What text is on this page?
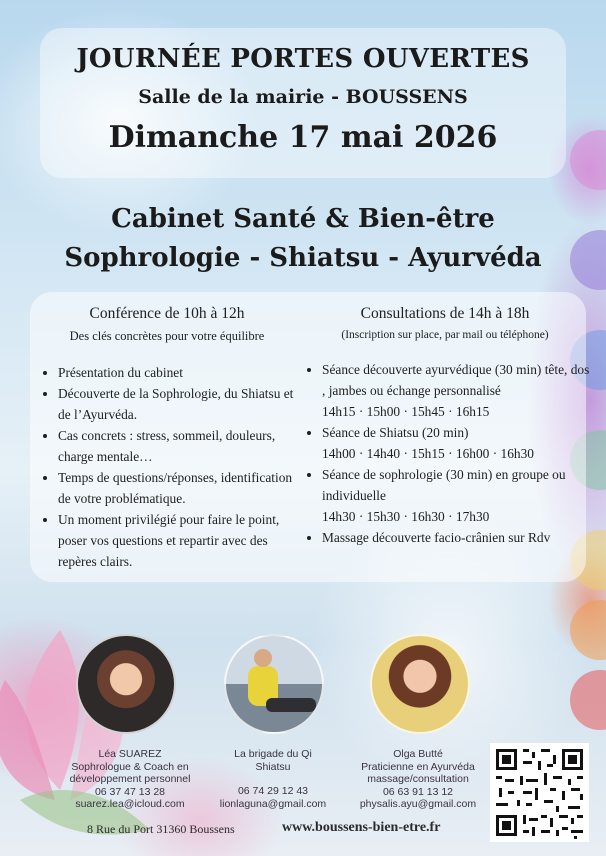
JOURNÉE PORTES OUVERTES

Salle de la mairie - BOUSSENS

Dimanche 17 mai 2026

Cabinet Santé & Bien-être

Sophrologie - Shiatsu - Ayurvéda

Conférence de 10h à 12h

Des clés concrètes pour votre équilibre

• Présentation du cabinet
• Découverte de la Sophrologie, du Shiatsu et de l’Ayurvéda.
• Cas concrets : stress, sommeil, douleurs, charge mentale…
• Temps de questions/réponses, identification de votre problématique.
• Un moment privilégié pour faire le point, poser vos questions et repartir avec des repères clairs.

Consultations de 14h à 18h

(Inscription sur place, par mail ou téléphone)

• Séance découverte ayurvédique (30 min) tête, dos , jambes ou échange personnalisé
14h15 · 15h00 · 15h45 · 16h15
• Séance de Shiatsu (20 min)
14h00 · 14h40 · 15h15 · 16h00 · 16h30
• Séance de sophrologie (30 min) en groupe ou individuelle
14h30 · 15h30 · 16h30 · 17h30
• Massage découverte facio-crânien sur Rdv
Léa SUAREZ
Sophrologue & Coach en développement personnel
06 37 47 13 28
suarez.lea@icloud.com
La brigade du Qi
Shiatsu
06 74 29 12 43
lionlaguna@gmail.com
Olga Butté
Praticienne en Ayurvéda massage/consultation
06 63 91 13 12
physalis.ayu@gmail.com
8 Rue du Port 31360 Boussens	www.boussens-bien-etre.fr
